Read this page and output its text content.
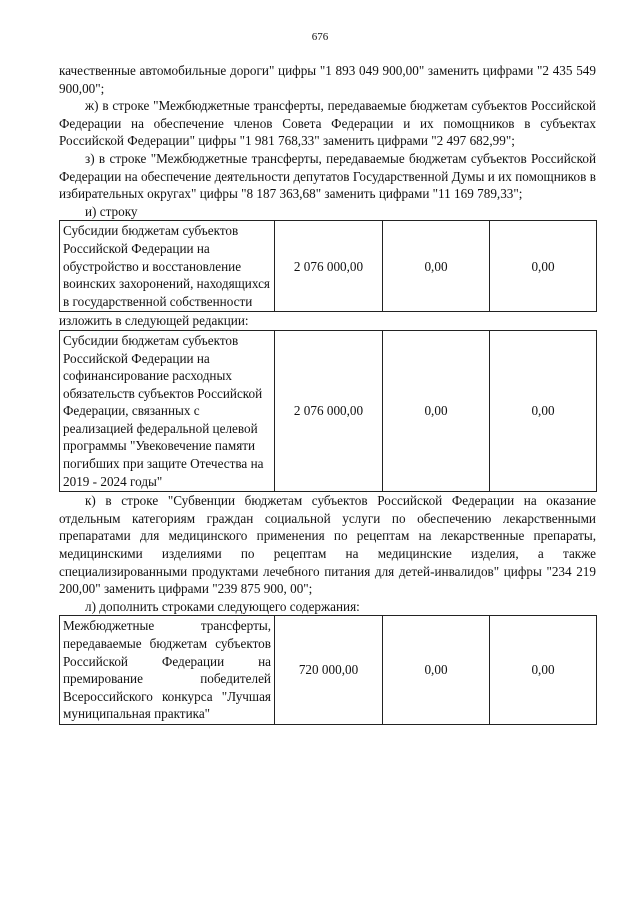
676

качественные автомобильные дороги" цифры "1 893 049 900,00" заменить цифрами "2 435 549 900,00";

ж) в строке "Межбюджетные трансферты, передаваемые бюджетам субъектов Российской Федерации на обеспечение членов Совета Федерации и их помощников в субъектах Российской Федерации" цифры "1 981 768,33" заменить цифрами "2 497 682,99";

з) в строке "Межбюджетные трансферты, передаваемые бюджетам субъектов Российской Федерации на обеспечение деятельности депутатов Государственной Думы и их помощников в избирательных округах" цифры "8 187 363,68" заменить цифрами "11 169 789,33";

и) строку

Субсидии бюджетам субъектов Российской Федерации на обустройство и восстановление воинских захоронений, находящихся в государственной собственности	2 076 000,00	0,00	0,00

изложить в следующей редакции:

Субсидии бюджетам субъектов Российской Федерации на софинансирование расходных обязательств субъектов Российской Федерации, связанных с реализацией федеральной целевой программы "Увековечение памяти погибших при защите Отечества на 2019 - 2024 годы"	2 076 000,00	0,00	0,00

к) в строке "Субвенции бюджетам субъектов Российской Федерации на оказание отдельным категориям граждан социальной услуги по обеспечению лекарственными препаратами для медицинского применения по рецептам на лекарственные препараты, медицинскими изделиями по рецептам на медицинские изделия, а также специализированными продуктами лечебного питания для детей-инвалидов" цифры "234 219 200,00" заменить цифрами "239 875 900, 00";

л) дополнить строками следующего содержания:

Межбюджетные трансферты, передаваемые бюджетам субъектов Российской Федерации на премирование победителей Всероссийского конкурса "Лучшая муниципальная практика"	720 000,00	0,00	0,00
